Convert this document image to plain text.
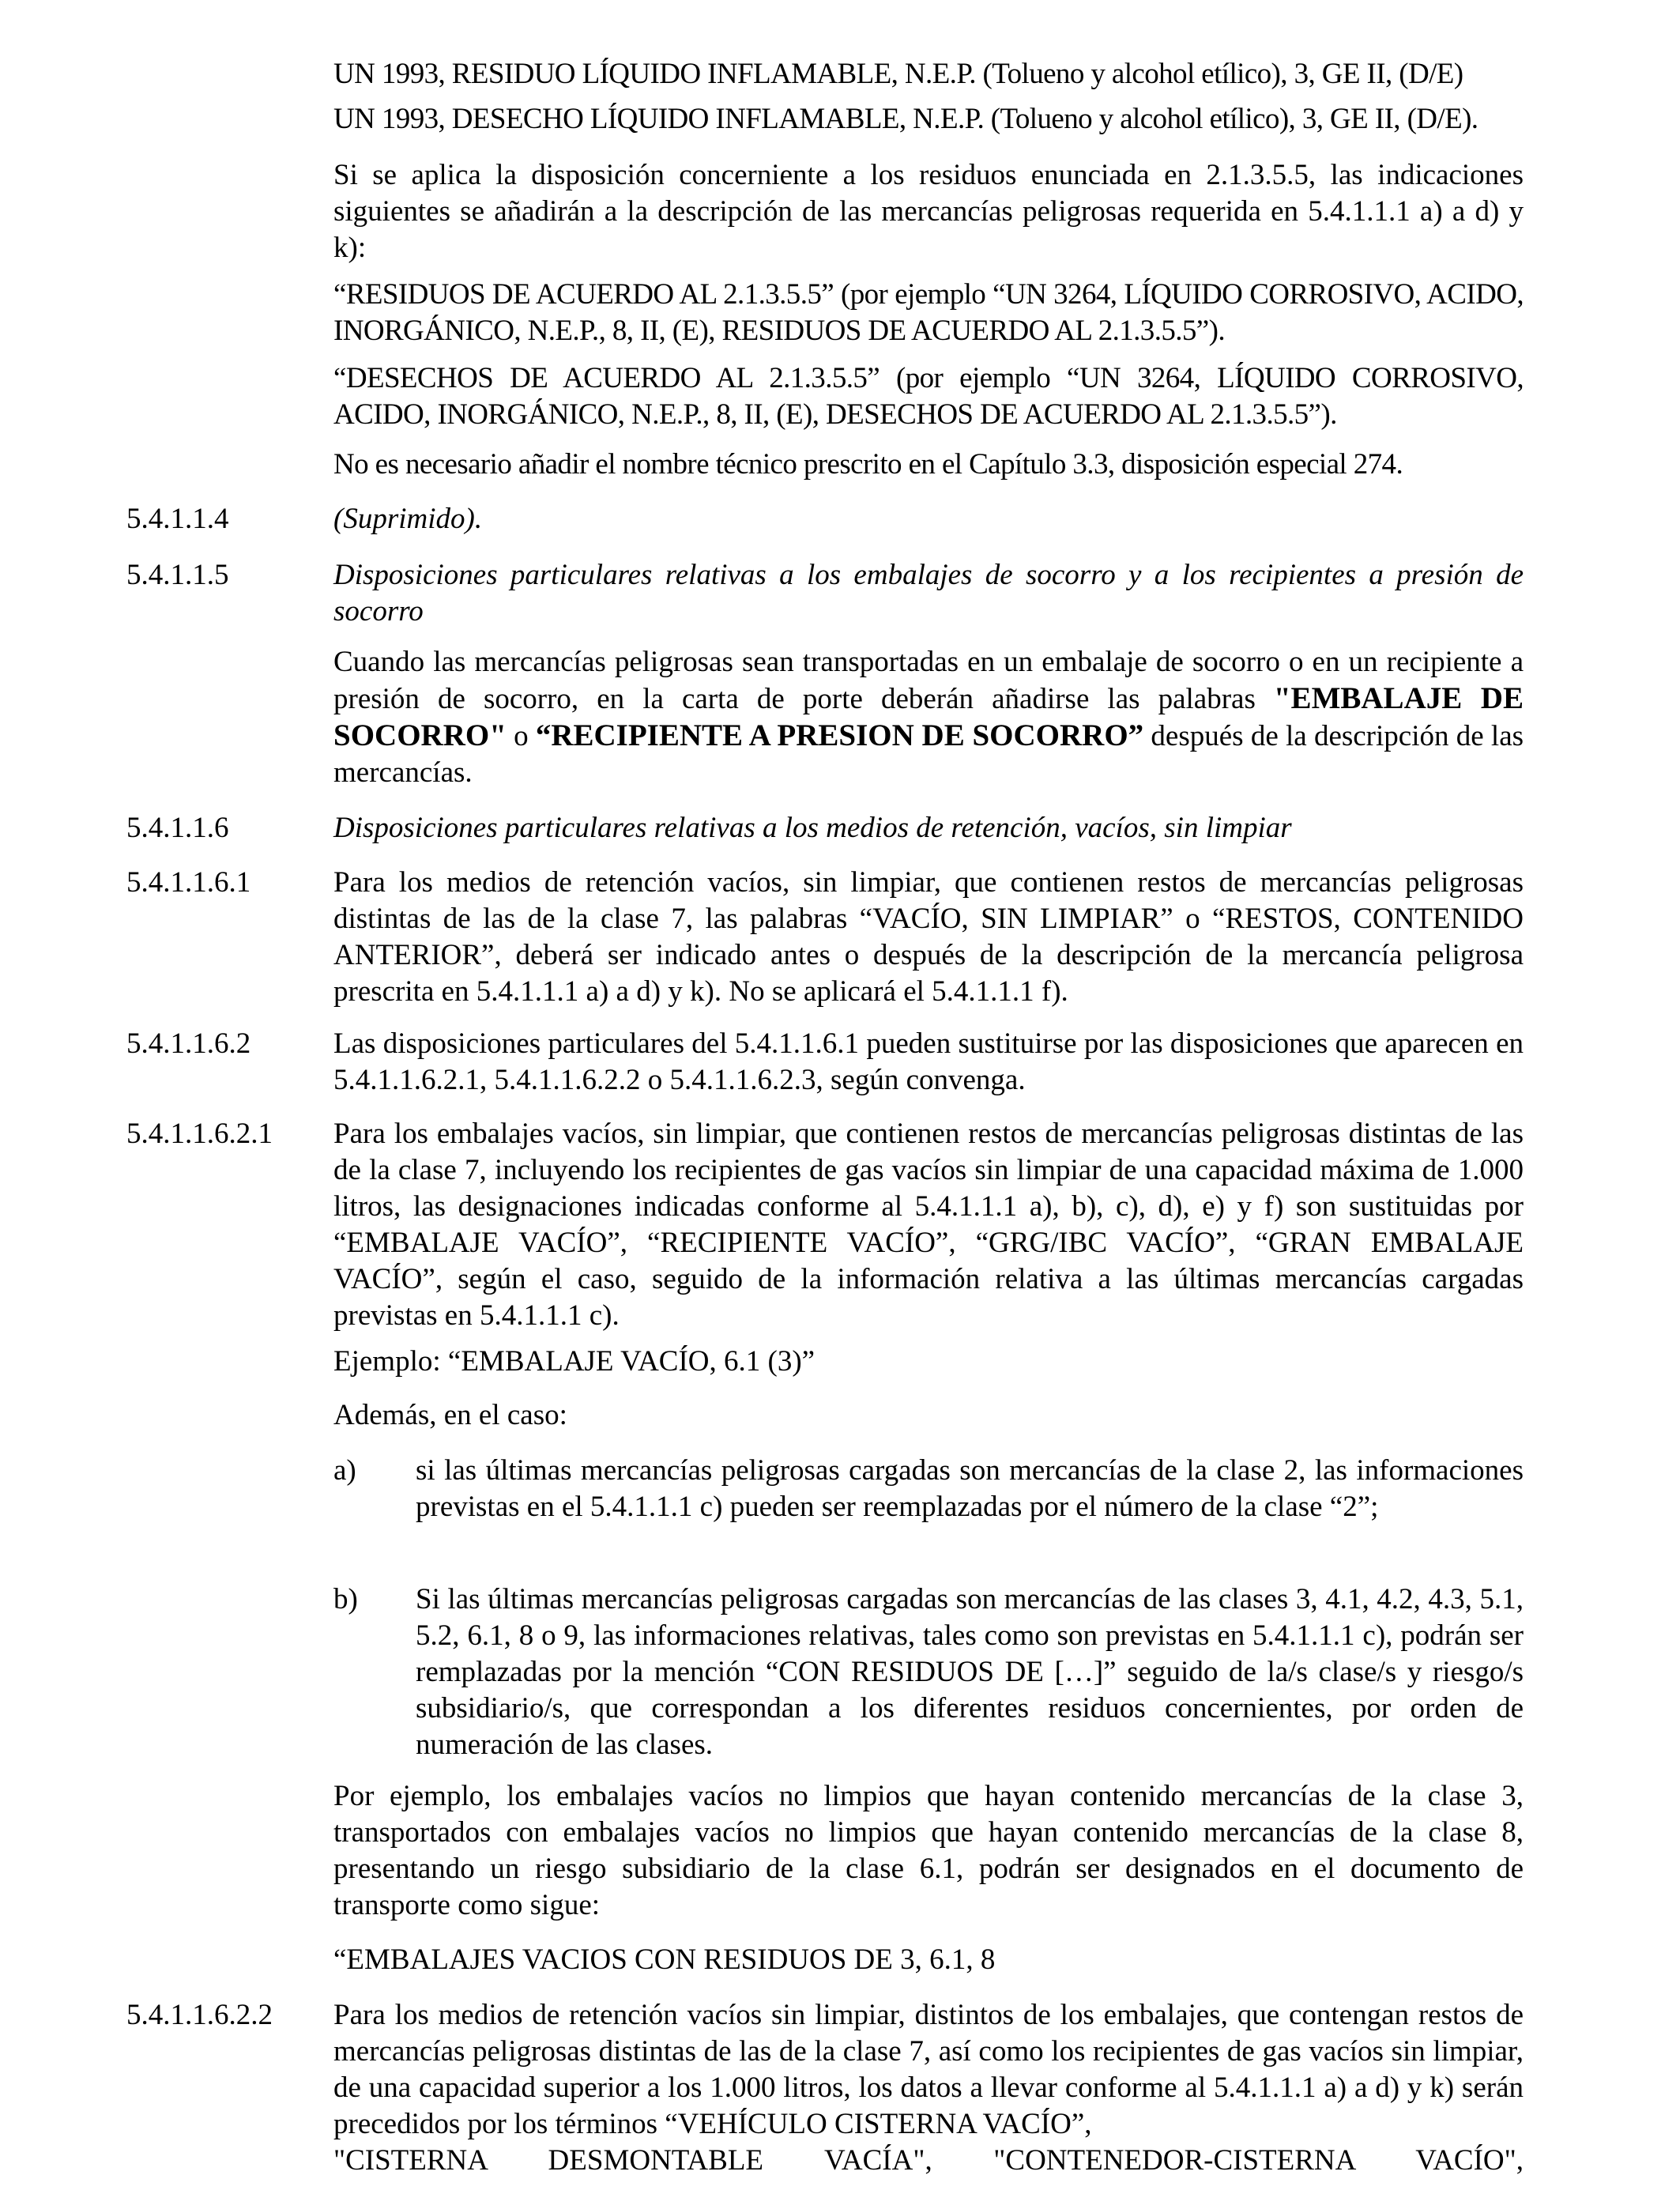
UN 1993, RESIDUO LÍQUIDO INFLAMABLE, N.E.P. (Tolueno y alcohol etílico), 3, GE II, (D/E)

UN 1993, DESECHO LÍQUIDO INFLAMABLE, N.E.P. (Tolueno y alcohol etílico), 3, GE II, (D/E).

Si se aplica la disposición concerniente a los residuos enunciada en 2.1.3.5.5, las indicaciones siguientes se añadirán a la descripción de las mercancías peligrosas requerida en 5.4.1.1.1 a) a d) y k):

“RESIDUOS DE ACUERDO AL 2.1.3.5.5” (por ejemplo “UN 3264, LÍQUIDO CORROSIVO, ACIDO, INORGÁNICO, N.E.P., 8, II, (E), RESIDUOS DE ACUERDO AL 2.1.3.5.5”).

“DESECHOS DE ACUERDO AL 2.1.3.5.5” (por ejemplo “UN 3264, LÍQUIDO CORROSIVO, ACIDO, INORGÁNICO, N.E.P., 8, II, (E), DESECHOS DE ACUERDO AL 2.1.3.5.5”).

No es necesario añadir el nombre técnico prescrito en el Capítulo 3.3, disposición especial 274.

5.4.1.1.4	(Suprimido).

5.4.1.1.5	Disposiciones particulares relativas a los embalajes de socorro y a los recipientes a presión de socorro

Cuando las mercancías peligrosas sean transportadas en un embalaje de socorro o en un recipiente a presión de socorro, en la carta de porte deberán añadirse las palabras "EMBALAJE DE SOCORRO" o “RECIPIENTE A PRESION DE SOCORRO” después de la descripción de las mercancías.

5.4.1.1.6	Disposiciones particulares relativas a los medios de retención, vacíos, sin limpiar

5.4.1.1.6.1	Para los medios de retención vacíos, sin limpiar, que contienen restos de mercancías peligrosas distintas de las de la clase 7, las palabras “VACÍO, SIN LIMPIAR” o “RESTOS, CONTENIDO ANTERIOR”, deberá ser indicado antes o después de la descripción de la mercancía peligrosa prescrita en 5.4.1.1.1 a) a d) y k). No se aplicará el 5.4.1.1.1 f).

5.4.1.1.6.2	Las disposiciones particulares del 5.4.1.1.6.1 pueden sustituirse por las disposiciones que aparecen en 5.4.1.1.6.2.1, 5.4.1.1.6.2.2 o 5.4.1.1.6.2.3, según convenga.

5.4.1.1.6.2.1 Para los embalajes vacíos, sin limpiar, que contienen restos de mercancías peligrosas distintas de las de la clase 7, incluyendo los recipientes de gas vacíos sin limpiar de una capacidad máxima de 1.000 litros, las designaciones indicadas conforme al 5.4.1.1.1 a), b), c), d), e) y f) son sustituidas por “EMBALAJE VACÍO”, “RECIPIENTE VACÍO”, “GRG/IBC VACÍO”, “GRAN EMBALAJE VACÍO”, según el caso, seguido de la información relativa a las últimas mercancías cargadas previstas en 5.4.1.1.1 c).

Ejemplo: “EMBALAJE VACÍO, 6.1 (3)”

Además, en el caso:

a) si las últimas mercancías peligrosas cargadas son mercancías de la clase 2, las informaciones previstas en el 5.4.1.1.1 c) pueden ser reemplazadas por el número de la clase “2”;

b) Si las últimas mercancías peligrosas cargadas son mercancías de las clases 3, 4.1, 4.2, 4.3, 5.1, 5.2, 6.1, 8 o 9, las informaciones relativas, tales como son previstas en 5.4.1.1.1 c), podrán ser remplazadas por la mención “CON RESIDUOS DE […]” seguido de la/s clase/s y riesgo/s subsidiario/s, que correspondan a los diferentes residuos concernientes, por orden de numeración de las clases.

Por ejemplo, los embalajes vacíos no limpios que hayan contenido mercancías de la clase 3, transportados con embalajes vacíos no limpios que hayan contenido mercancías de la clase 8, presentando un riesgo subsidiario de la clase 6.1, podrán ser designados en el documento de transporte como sigue:

“EMBALAJES VACIOS CON RESIDUOS DE 3, 6.1, 8

5.4.1.1.6.2.2 Para los medios de retención vacíos sin limpiar, distintos de los embalajes, que contengan restos de mercancías peligrosas distintas de las de la clase 7, así como los recipientes de gas vacíos sin limpiar, de una capacidad superior a los 1.000 litros, los datos a llevar conforme al 5.4.1.1.1 a) a d) y k) serán precedidos por los términos “VEHÍCULO CISTERNA VACÍO”,

"CISTERNA DESMONTABLE VACÍA", "CONTENEDOR-CISTERNA VACÍO",
